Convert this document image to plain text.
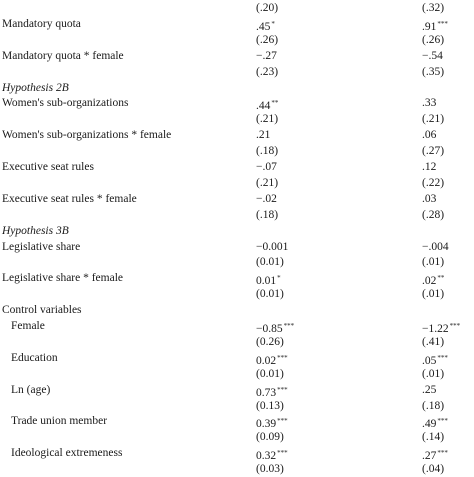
(.20)	(.32)
Mandatory quota	.45*	.91***
(.26)	(.26)
Mandatory quota * female	−.27	−.54
(.23)	(.35)
Hypothesis 2B
Women's sub-organizations	.44**	.33
(.21)	(.21)
Women's sub-organizations * female	.21	.06
(.18)	(.27)
Executive seat rules	−.07	.12
(.21)	(.22)
Executive seat rules * female	−.02	.03
(.18)	(.28)
Hypothesis 3B
Legislative share	−0.001	−.004
(0.01)	(.01)
Legislative share * female	0.01*	.02**
(0.01)	(.01)
Control variables
Female	−0.85***	−1.22***
(0.26)	(.41)
Education	0.02***	.05***
(0.01)	(.01)
Ln (age)	0.73***	.25
(0.13)	(.18)
Trade union member	0.39***	.49***
(0.09)	(.14)
Ideological extremeness	0.32***	.27***
(0.03)	(.04)
